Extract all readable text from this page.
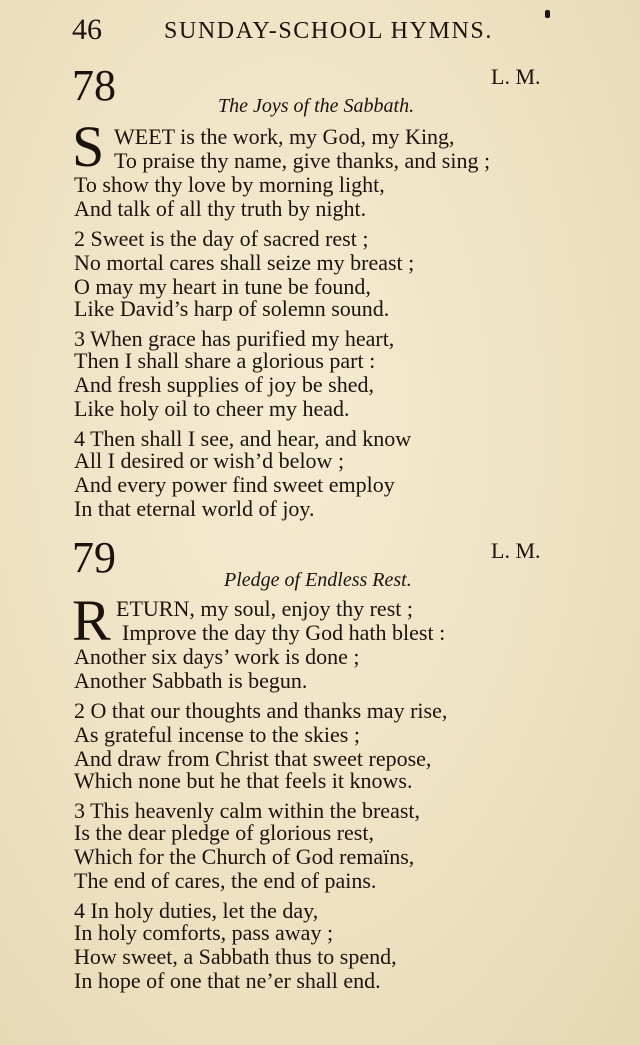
46	SUNDAY-SCHOOL HYMNS.
78	L. M.
The Joys of the Sabbath.
S WEET is the work, my God, my King,
To praise thy name, give thanks, and sing ;
To show thy love by morning light,
And talk of all thy truth by night.
2 Sweet is the day of sacred rest ;
No mortal cares shall seize my breast ;
O may my heart in tune be found,
Like David’s harp of solemn sound.
3 When grace has purified my heart,
Then I shall share a glorious part :
And fresh supplies of joy be shed,
Like holy oil to cheer my head.
4 Then shall I see, and hear, and know
All I desired or wish’d below ;
And every power find sweet employ
In that eternal world of joy.
79	L. M.
Pledge of Endless Rest.
R ETURN, my soul, enjoy thy rest ;
Improve the day thy God hath blest :
Another six days’ work is done ;
Another Sabbath is begun.
2 O that our thoughts and thanks may rise,
As grateful incense to the skies ;
And draw from Christ that sweet repose,
Which none but he that feels it knows.
3 This heavenly calm within the breast,
Is the dear pledge of glorious rest,
Which for the Church of God remaïns,
The end of cares, the end of pains.
4 In holy duties, let the day,
In holy comforts, pass away ;
How sweet, a Sabbath thus to spend,
In hope of one that ne’er shall end.
